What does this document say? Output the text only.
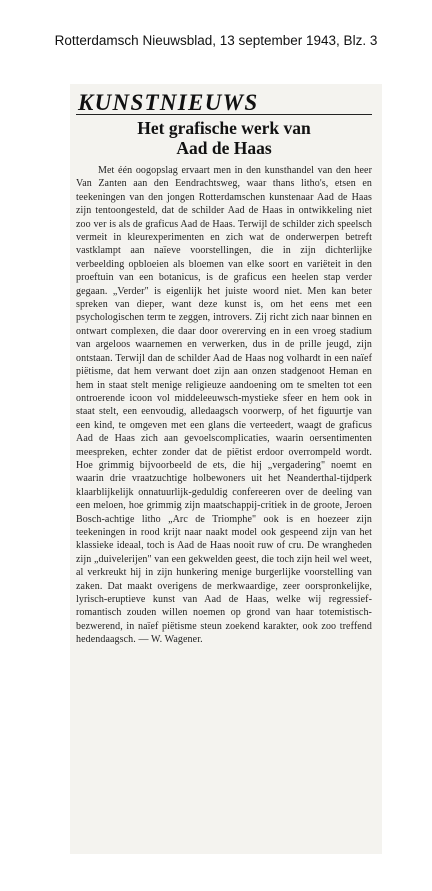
Rotterdamsch Nieuwsblad, 13 september 1943, Blz. 3
KUNSTNIEUWS
Het grafische werk van
Aad de Haas

Met één oogopslag ervaart men in den kunsthandel van den heer Van Zanten aan den Eendrachtsweg, waar thans litho's, etsen en teekeningen van den jongen Rotterdamschen kunstenaar Aad de Haas zijn tentoongesteld, dat de schilder Aad de Haas in ontwikkeling niet zoo ver is als de graficus Aad de Haas. Terwijl de schilder zich speelsch vermeit in kleurexperimenten en zich wat de onderwerpen betreft vastklampt aan naïeve voorstellingen, die in zijn dichterlijke verbeelding opbloeien als bloemen van elke soort en variëteit in den proeftuin van een botanicus, is de graficus een heelen stap verder gegaan. „Verder" is eigenlijk het juiste woord niet. Men kan beter spreken van dieper, want deze kunst is, om het eens met een psychologischen term te zeggen, introvers. Zij richt zich naar binnen en ontwart complexen, die daar door overerving en in een vroeg stadium van argeloos waarnemen en verwerken, dus in de prille jeugd, zijn ontstaan. Terwijl dan de schilder Aad de Haas nog volhardt in een naïef piëtisme, dat hem verwant doet zijn aan onzen stadgenoot Heman en hem in staat stelt menige religieuze aandoening om te smelten tot een ontroerende icoon vol middeleeuwsch-mystieke sfeer en hem ook in staat stelt, een eenvoudig, alledaagsch voorwerp, of het figuurtje van een kind, te omgeven met een glans die verteedert, waagt de graficus Aad de Haas zich aan gevoelscomplicaties, waarin oersentimenten meespreken, echter zonder dat de piëtist erdoor overrompeld wordt. Hoe grimmig bijvoorbeeld de ets, die hij „vergadering" noemt en waarin drie vraatzuchtige holbewoners uit het Neanderthal-tijdperk klaarblijkelijk onnatuurlijk-geduldig confereeren over de deeling van een meloen, hoe grimmig zijn maatschappij-critiek in de groote, Jeroen Bosch-achtige litho „Arc de Triomphe" ook is en hoezeer zijn teekeningen in rood krijt naar naakt model ook gespeend zijn van het klassieke ideaal, toch is Aad de Haas nooit ruw of cru. De wrangheden zijn „duivelerijen" van een gekwelden geest, die toch zijn heil wel weet, al verkreukt hij in zijn hunkering menige burgerlijke voorstelling van zaken. Dat maakt overigens de merkwaardige, zeer oorspronkelijke, lyrisch-eruptieve kunst van Aad de Haas, welke wij regressief-romantisch zouden willen noemen op grond van haar totemistisch-bezwerend, in naïef piëtisme steun zoekend karakter, ook zoo treffend hedendaagsch. — W. Wagener.
